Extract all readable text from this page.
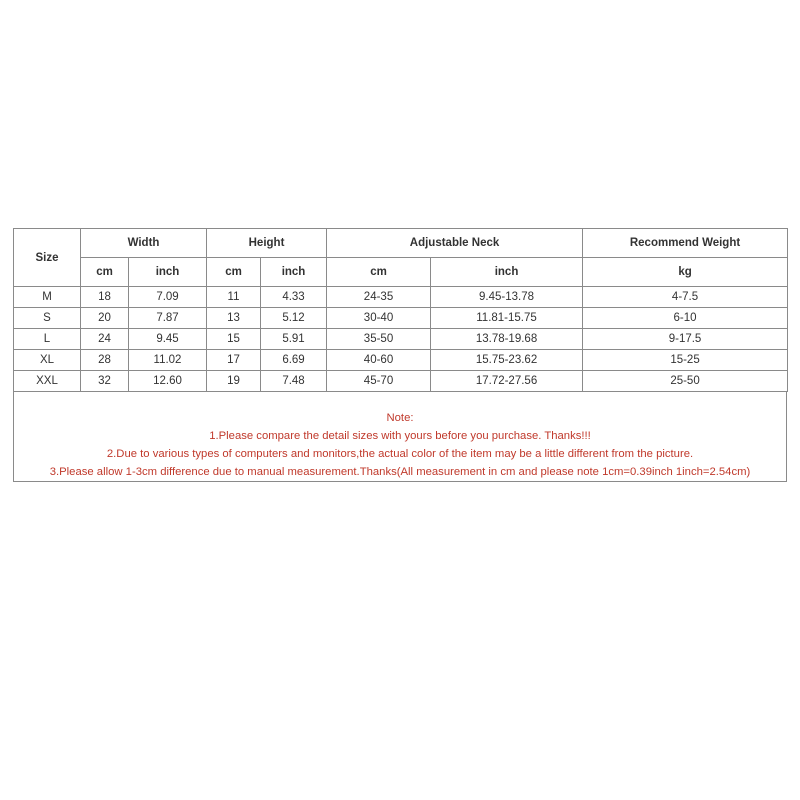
Size	Width		Height		Adjustable Neck		Recommend Weight
	cm	inch	cm	inch	cm	inch	kg
M	18	7.09	11	4.33	24-35	9.45-13.78	4-7.5
S	20	7.87	13	5.12	30-40	11.81-15.75	6-10
L	24	9.45	15	5.91	35-50	13.78-19.68	9-17.5
XL	28	11.02	17	6.69	40-60	15.75-23.62	15-25
XXL	32	12.60	19	7.48	45-70	17.72-27.56	25-50
Note:
1.Please compare the detail sizes with yours before you purchase. Thanks!!!
2.Due to various types of computers and monitors,the actual color of the item may be a little different from the picture.
3.Please allow 1-3cm difference due to manual measurement.Thanks(All measurement in cm and please note 1cm=0.39inch 1inch=2.54cm)
